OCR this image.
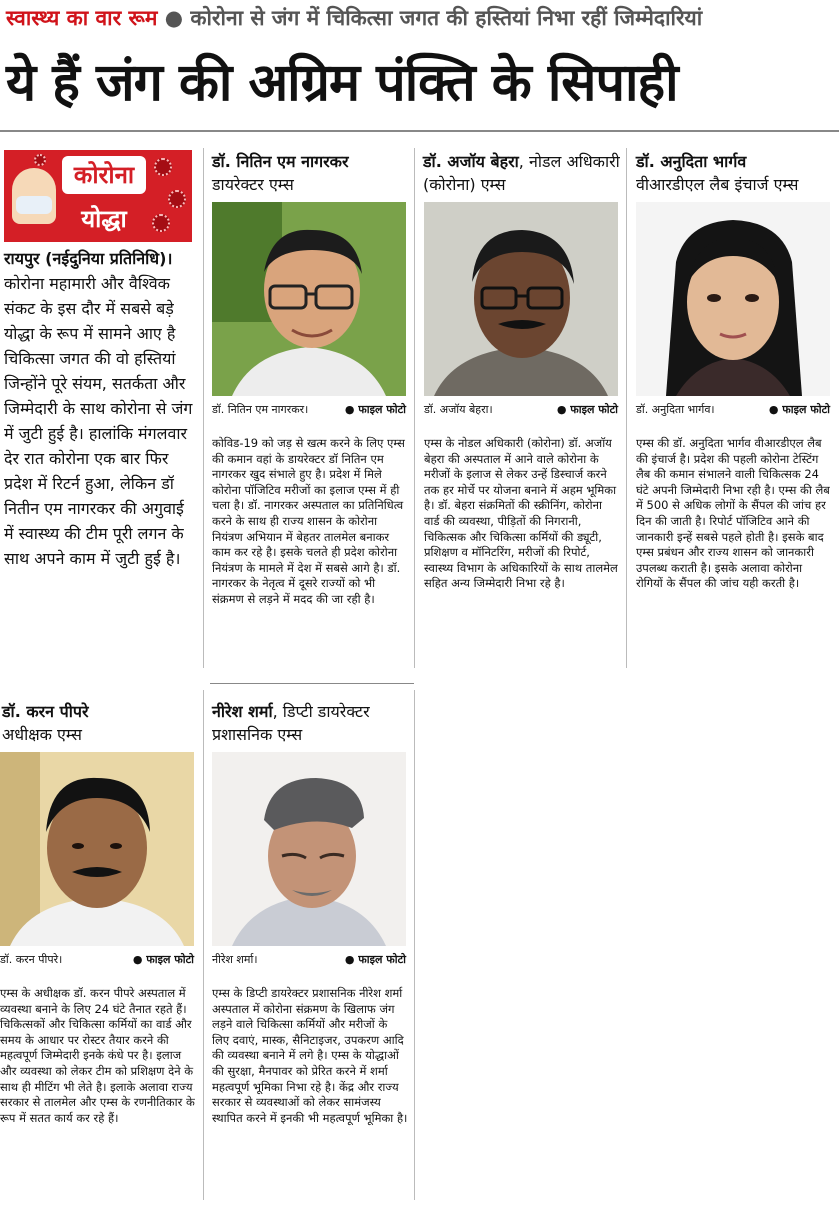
स्वास्थ्य का वार रूम ● कोरोना से जंग में चिकित्सा जगत की हस्तियां निभा रहीं जिम्मेदारियां
ये हैं जंग की अग्रिम पंक्ति के सिपाही
कोरोना
योद्धा
रायपुर (नईदुनिया प्रतिनिधि)। कोरोना महामारी और वैश्विक संकट के इस दौर में सबसे बड़े योद्धा के रूप में सामने आए है चिकित्सा जगत की वो हस्तियां जिन्होंने पूरे संयम, सतर्कता और जिम्मेदारी के साथ कोरोना से जंग में जुटी हुई है। हालांकि मंगलवार देर रात कोरोना एक बार फिर प्रदेश में रिटर्न हुआ, लेकिन डॉ नितीन एम नागरकर की अगुवाई में स्वास्थ्य की टीम पूरी लगन के साथ अपने काम में जुटी हुई है।
डॉ. नितिन एम नागरकर
डायरेक्टर एम्स
डॉ. नितिन एम नागरकर।	● फाइल फोटो
कोविड-19 को जड़ से खत्म करने के लिए एम्स की कमान वहां के डायरेक्टर डॉ नितिन एम नागरकर खुद संभाले हुए है। प्रदेश में मिले कोरोना पॉजिटिव मरीजों का इलाज एम्स में ही चला है। डॉ. नागरकर अस्पताल का प्रतिनिधित्व करने के साथ ही राज्य शासन के कोरोना नियंत्रण अभियान में बेहतर तालमेल बनाकर काम कर रहे है। इसके चलते ही प्रदेश कोरोना नियंत्रण के मामले में देश में सबसे आगे है। डॉ. नागरकर के नेतृत्व में दूसरे राज्यों को भी संक्रमण से लड़ने में मदद की जा रही है।
डॉ. अजॉय बेहरा, नोडल अधिकारी (कोरोना) एम्स
डॉ. अजॉय बेहरा।	● फाइल फोटो
एम्स के नोडल अधिकारी (कोरोना) डॉ. अजॉय बेहरा की अस्पताल में आने वाले कोरोना के मरीजों के इलाज से लेकर उन्हें डिस्चार्ज करने तक हर मोर्चे पर योजना बनाने में अहम भूमिका है। डॉ. बेहरा संक्रमितों की स्क्रीनिंग, कोरोना वार्ड की व्यवस्था, पीड़ितों की निगरानी, चिकित्सक और चिकित्सा कर्मियों की ड्यूटी, प्रशिक्षण व मॉनिटरिंग, मरीजों की रिपोर्ट, स्वास्थ्य विभाग के अधिकारियों के साथ तालमेल सहित अन्य जिम्मेदारी निभा रहे है।
डॉ. अनुदिता भार्गव
वीआरडीएल लैब इंचार्ज एम्स
डॉ. अनुदिता भार्गव।	● फाइल फोटो
एम्स की डॉ. अनुदिता भार्गव वीआरडीएल लैब की इंचार्ज है। प्रदेश की पहली कोरोना टेस्टिंग लैब की कमान संभालने वाली चिकित्सक 24 घंटे अपनी जिम्मेदारी निभा रही है। एम्स की लैब में 500 से अधिक लोगों के सैंपल की जांच हर दिन की जाती है। रिपोर्ट पॉजिटिव आने की जानकारी इन्हें सबसे पहले होती है। इसके बाद एम्स प्रबंधन और राज्य शासन को जानकारी उपलब्ध कराती है। इसके अलावा कोरोना रोगियों के सैंपल की जांच यही करती है।
डॉ. करन पीपरे
अधीक्षक एम्स
डॉ. करन पीपरे।	● फाइल फोटो
एम्स के अधीक्षक डॉ. करन पीपरे अस्पताल में व्यवस्था बनाने के लिए 24 घंटे तैनात रहते हैं। चिकित्सकों और चिकित्सा कर्मियों का वार्ड और समय के आधार पर रोस्टर तैयार करने की महत्वपूर्ण जिम्मेदारी इनके कंधे पर है। इलाज और व्यवस्था को लेकर टीम को प्रशिक्षण देने के साथ ही मीटिंग भी लेते है। इलाके अलावा राज्य सरकार से तालमेल और एम्स के रणनीतिकार के रूप में सतत कार्य कर रहे हैं।
नीरेश शर्मा, डिप्टी डायरेक्टर प्रशासनिक एम्स
नीरेश शर्मा।	● फाइल फोटो
एम्स के डिप्टी डायरेक्टर प्रशासनिक नीरेश शर्मा अस्पताल में कोरोना संक्रमण के खिलाफ जंग लड़ने वाले चिकित्सा कर्मियों और मरीजों के लिए दवाएं, मास्क, सैनिटाइजर, उपकरण आदि की व्यवस्था बनाने में लगे है। एम्स के योद्धाओं की सुरक्षा, मैनपावर को प्रेरित करने में शर्मा महत्वपूर्ण भूमिका निभा रहे है। केंद्र और राज्य सरकार से व्यवस्थाओं को लेकर सामंजस्य स्थापित करने में इनकी भी महत्वपूर्ण भूमिका है।
